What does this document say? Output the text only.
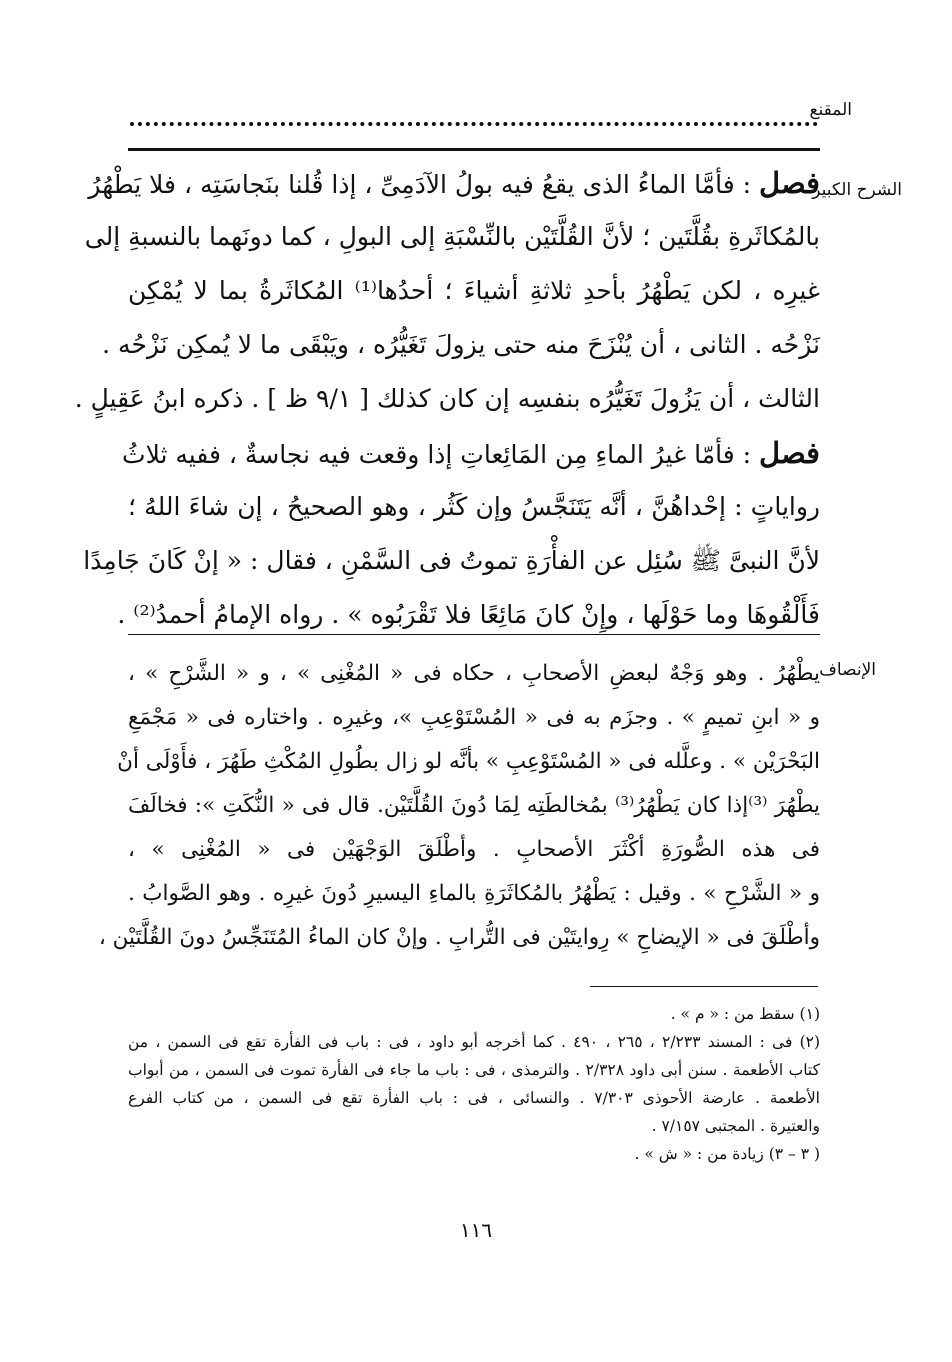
المقنع
الشرح الكبير
فصل : فأمَّا الماءُ الذى يقعُ فيه بولُ الآدَمِىِّ ، إذا قُلنا بنَجاسَتِه ، فلا يَطْهُرُ
بالمُكاثَرةِ بقُلَّتَين ؛ لأنَّ القُلَّتَيْن بالنِّسْبَةِ إلى البولِ ، كما دونَهما بالنسبةِ إلى
غيرِه ، لكن يَطْهُرُ بأحدِ ثلاثةِ أشياءَ ؛ أحدُها⁽¹⁾ المُكاثَرةُ بما لا يُمْكِن
نَزْحُه . الثانى ، أن يُنْزَحَ منه حتى يزولَ تَغَيُّرُه ، ويَبْقَى ما لا يُمكِن نَزْحُه .
الثالث ، أن يَزُولَ تَغَيُّرُه بنفسِه إن كان كذلك [ ٩/١ ظ ] . ذكره ابنُ عَقِيلٍ .
فصل : فأمّا غيرُ الماءِ مِن المَائِعاتِ إذا وقعت فيه نجاسةٌ ، ففيه ثلاثُ
رواياتٍ : إحْداهُنَّ ، أنَّه يَتَنَجَّسُ وإن كَثُر ، وهو الصحيحُ ، إن شاءَ اللهُ ؛
لأنَّ النبىَّ ﷺ سُئِل عن الفأْرَةِ تموتُ فى السَّمْنِ ، فقال : « إنْ كَانَ جَامِدًا
فَأَلْقُوهَا وما حَوْلَها ، وإِنْ كانَ مَائِعًا فلا تَقْرَبُوه » . رواه الإمامُ أحمدُ⁽²⁾ .
الإنصاف
يطْهُرُ . وهو وَجْهٌ لبعضِ الأصحابِ ، حكاه فى « المُغْنِى » ، و « الشَّرْحِ » ،
و « ابنِ تميمٍ » . وجزَم به فى « المُسْتَوْعِبِ »، وغيرِه . واختاره فى « مَجْمَعِ
البَحْرَيْن » . وعلَّله فى « المُسْتَوْعِبِ » بأنَّه لو زال بطُولِ المُكْثِ طَهُرَ ، فأَوْلَى أنْ
يطْهُرَ ⁽³⁾إذا كان يَطْهُرُ⁽³⁾ بمُخالطَتِه لِمَا دُونَ القُلَّتَيْن. قال فى « النُّكَتِ »: فخالَفَ
فى هذه الصُّورَةِ أكْثَرَ الأصحابِ . وأطْلَقَ الوَجْهَيْن فى « المُغْنِى » ،
و « الشَّرْحِ » . وقيل : يَطْهُرُ بالمُكاثَرَةِ بالماءِ اليسيرِ دُونَ غيرِه . وهو الصَّوابُ .
وأطْلَقَ فى « الإيضاحِ » رِوايتَيْن فى التُّرابِ . وإنْ كان الماءُ المُتَنَجِّسُ دونَ القُلَّتَيْن ،
(١) سقط من : « م » .
(٢) فى : المسند ٢/٢٣٣ ، ٢٦٥ ، ٤٩٠ . كما أخرجه أبو داود ، فى : باب فى الفأرة تقع فى السمن ، من
كتاب الأطعمة . سنن أبى داود ٢/٣٢٨ . والترمذى ، فى : باب ما جاء فى الفأرة تموت فى السمن ، من أبواب
الأطعمة . عارضة الأحوذى ٧/٣٠٣ . والنسائى ، فى : باب الفأرة تقع فى السمن ، من كتاب الفرع
والعتيرة . المجتبى ٧/١٥٧ .
( ٣ – ٣) زيادة من : « ش » .
١١٦
